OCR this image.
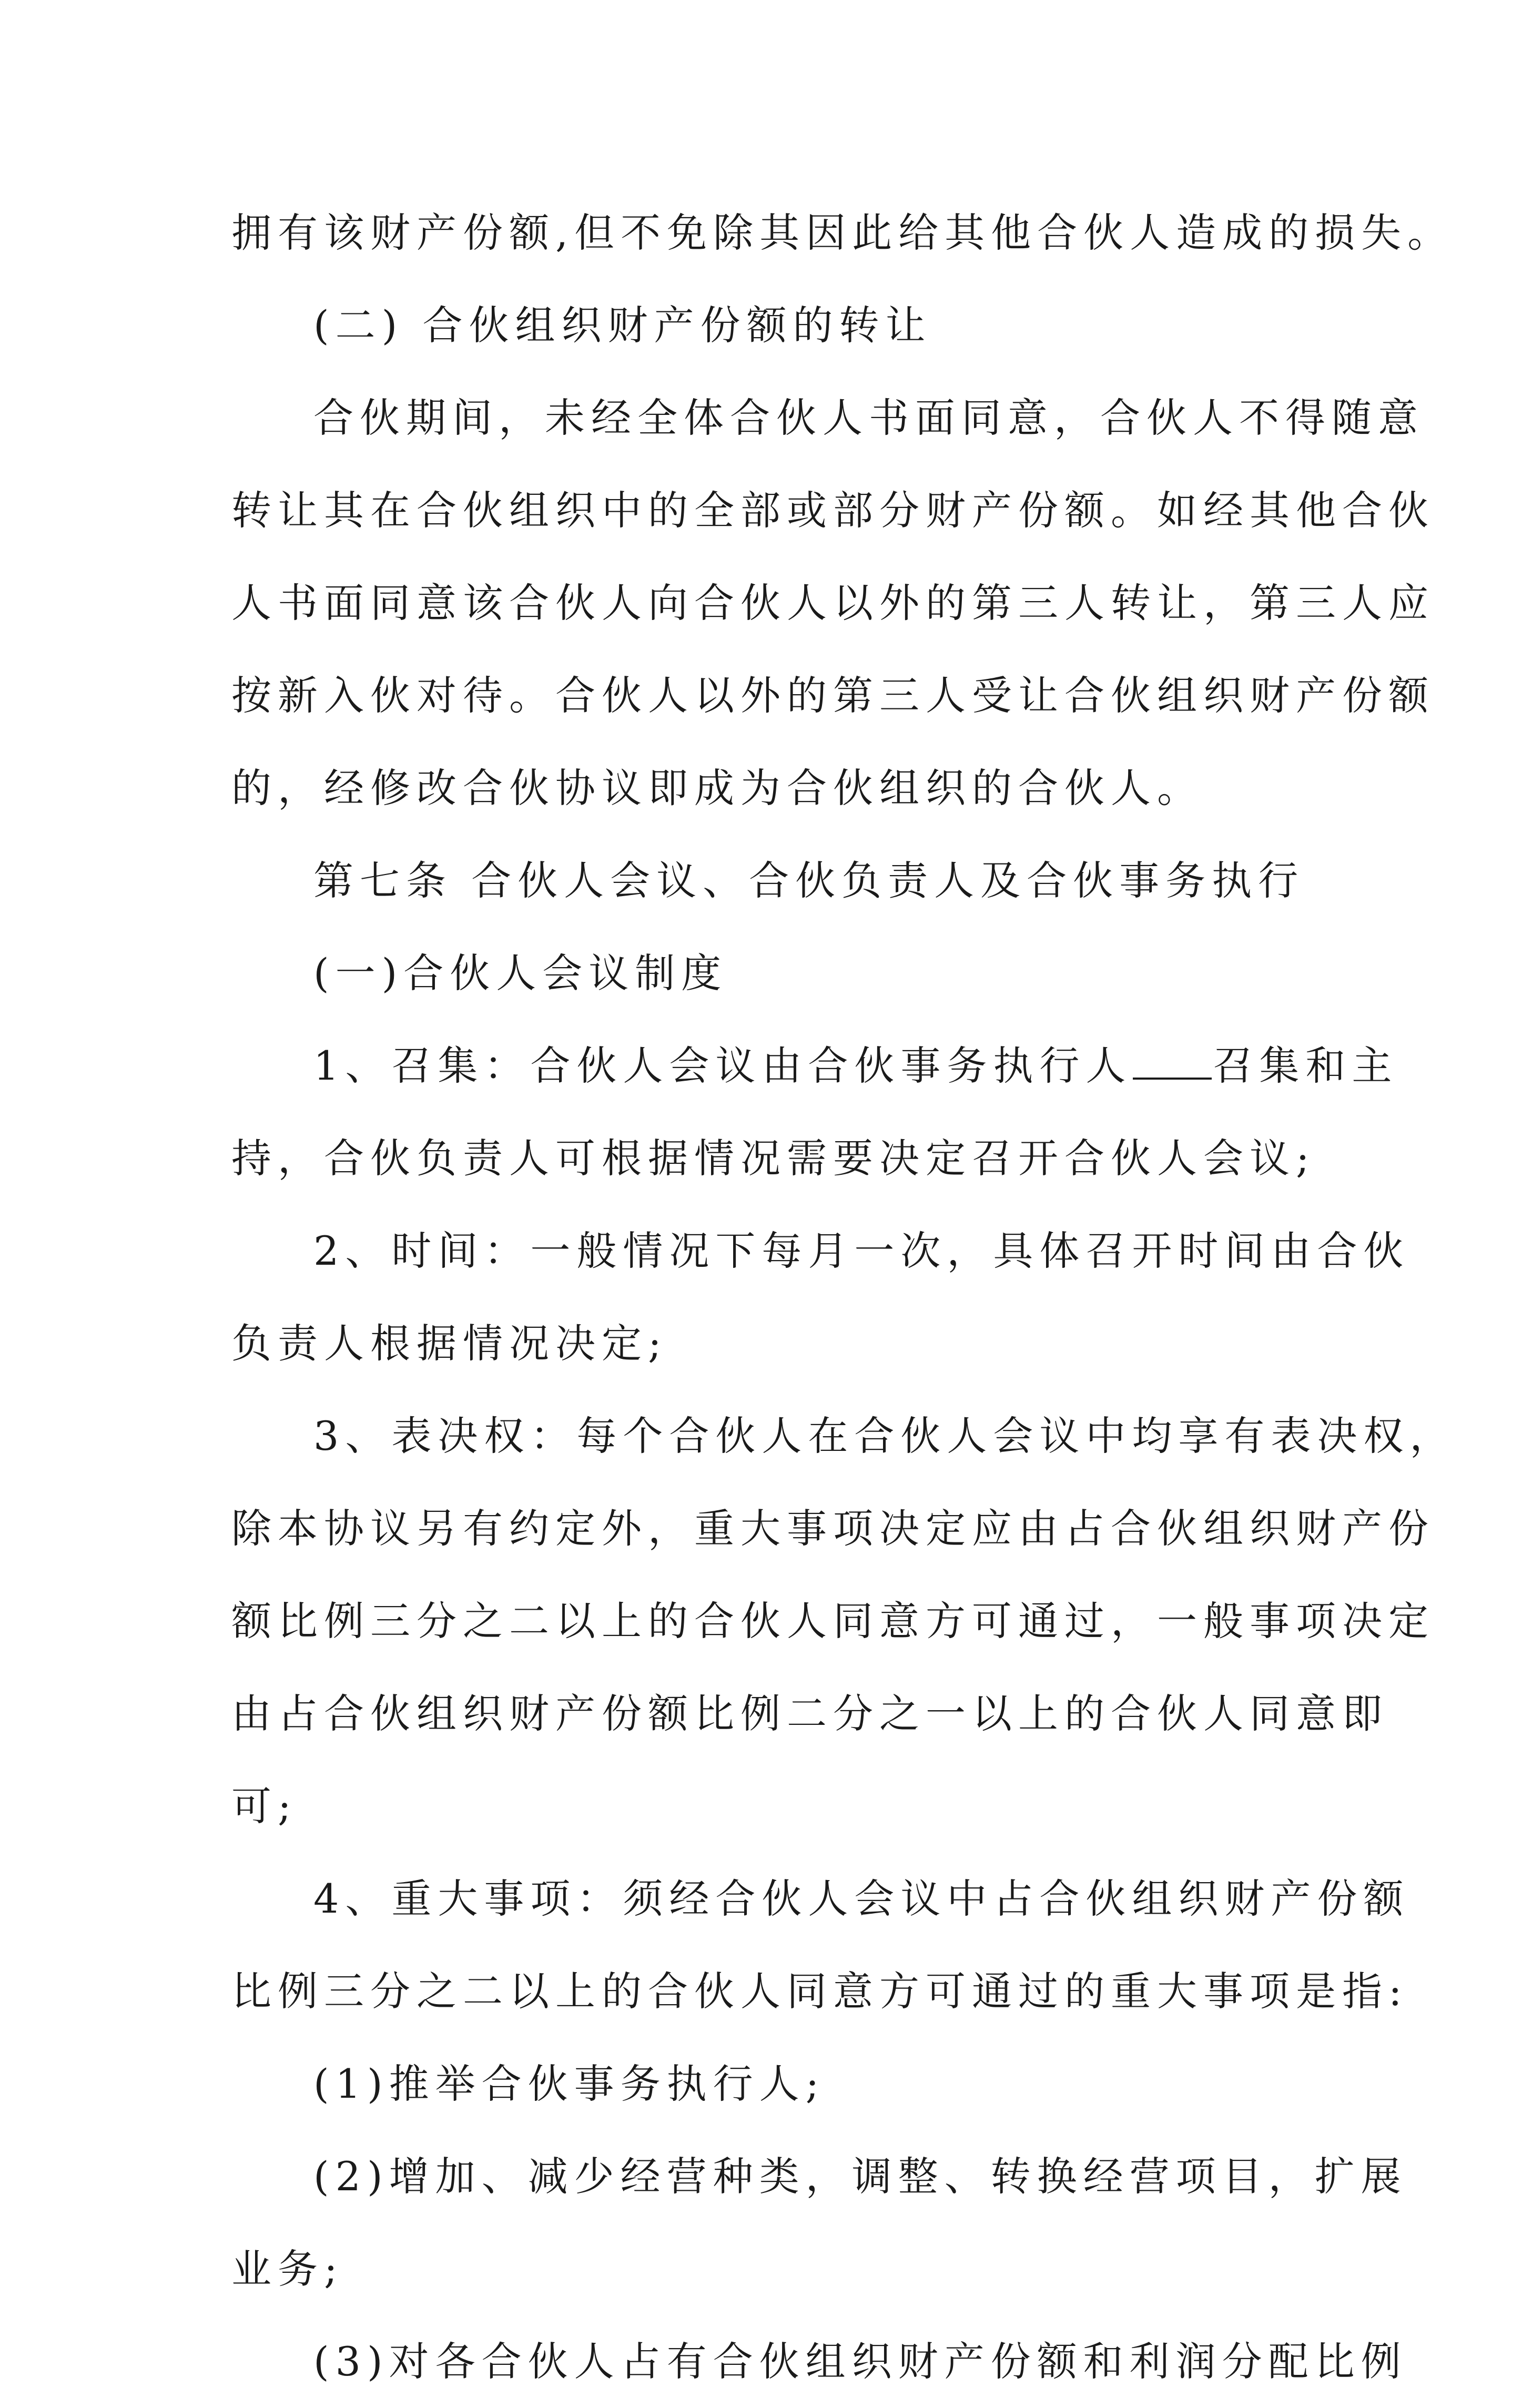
拥有该财产份额,但不免除其因此给其他合伙人造成的损失。
(二) 合伙组织财产份额的转让
合伙期间，未经全体合伙人书面同意，合伙人不得随意
转让其在合伙组织中的全部或部分财产份额。如经其他合伙
人书面同意该合伙人向合伙人以外的第三人转让，第三人应
按新入伙对待。合伙人以外的第三人受让合伙组织财产份额
的，经修改合伙协议即成为合伙组织的合伙人。
第七条 合伙人会议、合伙负责人及合伙事务执行
(一)合伙人会议制度
1、召集：合伙人会议由合伙事务执行人 召集和主
持，合伙负责人可根据情况需要决定召开合伙人会议;
2、时间：一般情况下每月一次，具体召开时间由合伙
负责人根据情况决定;
3、表决权：每个合伙人在合伙人会议中均享有表决权，
除本协议另有约定外，重大事项决定应由占合伙组织财产份
额比例三分之二以上的合伙人同意方可通过，一般事项决定
由占合伙组织财产份额比例二分之一以上的合伙人同意即
可;
4、重大事项：须经合伙人会议中占合伙组织财产份额
比例三分之二以上的合伙人同意方可通过的重大事项是指:
(1)推举合伙事务执行人;
(2)增加、减少经营种类，调整、转换经营项目，扩展
业务;
(3)对各合伙人占有合伙组织财产份额和利润分配比例
